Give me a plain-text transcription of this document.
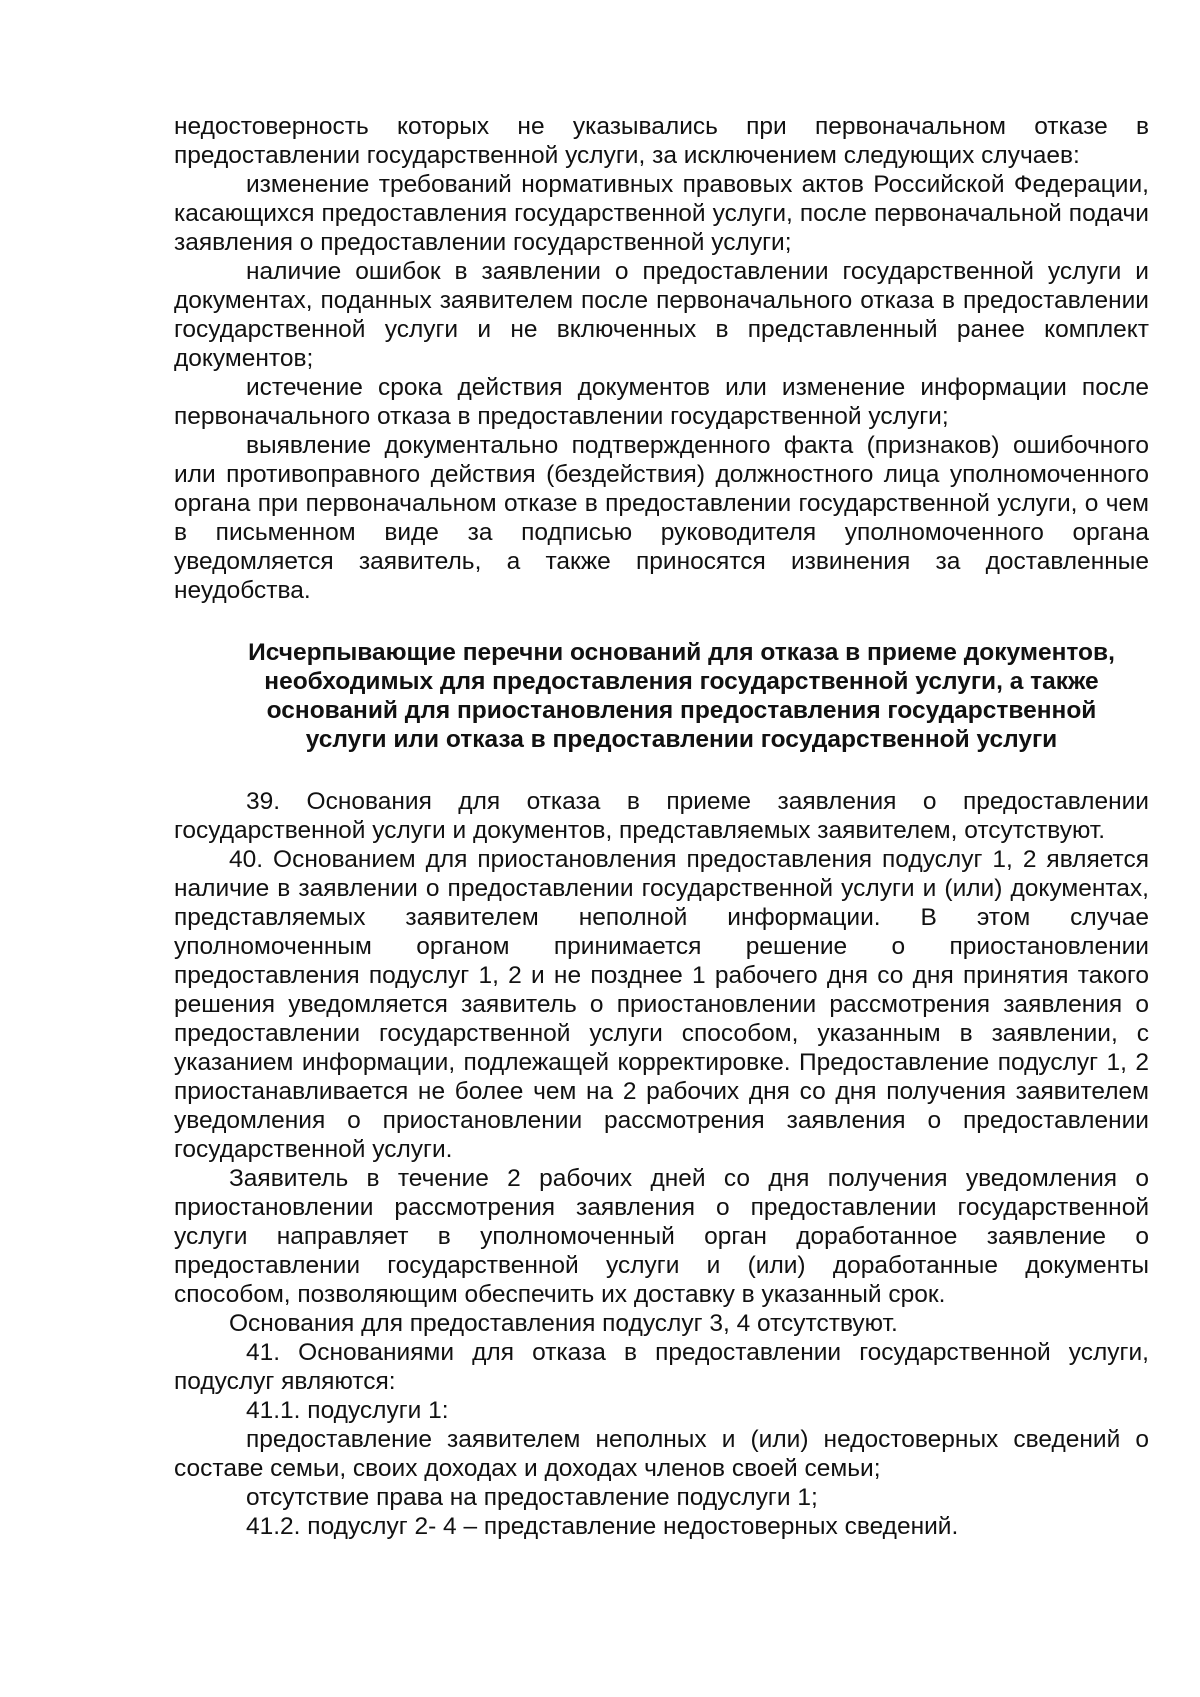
недостоверность которых не указывались при первоначальном отказе в предоставлении государственной услуги, за исключением следующих случаев:

изменение требований нормативных правовых актов Российской Федерации, касающихся предоставления государственной услуги, после первоначальной подачи заявления о предоставлении государственной услуги;

наличие ошибок в заявлении о предоставлении государственной услуги и документах, поданных заявителем после первоначального отказа в предоставлении государственной услуги и не включенных в представленный ранее комплект документов;

истечение срока действия документов или изменение информации после первоначального отказа в предоставлении государственной услуги;

выявление документально подтвержденного факта (признаков) ошибочного или противоправного действия (бездействия) должностного лица уполномоченного органа при первоначальном отказе в предоставлении государственной услуги, о чем в письменном виде за подписью руководителя уполномоченного органа уведомляется заявитель, а также приносятся извинения за доставленные неудобства.

Исчерпывающие перечни оснований для отказа в приеме документов, необходимых для предоставления государственной услуги, а также оснований для приостановления предоставления государственной услуги или отказа в предоставлении государственной услуги

39. Основания для отказа в приеме заявления о предоставлении государственной услуги и документов, представляемых заявителем, отсутствуют.

40. Основанием для приостановления предоставления подуслуг 1, 2 является наличие в заявлении о предоставлении государственной услуги и (или) документах, представляемых заявителем неполной информации. В этом случае уполномоченным органом принимается решение о приостановлении предоставления подуслуг 1, 2 и не позднее 1 рабочего дня со дня принятия такого решения уведомляется заявитель о приостановлении рассмотрения заявления о предоставлении государственной услуги способом, указанным в заявлении, с указанием информации, подлежащей корректировке. Предоставление подуслуг 1, 2 приостанавливается не более чем на 2 рабочих дня со дня получения заявителем уведомления о приостановлении рассмотрения заявления о предоставлении государственной услуги.

Заявитель в течение 2 рабочих дней со дня получения уведомления о приостановлении рассмотрения заявления о предоставлении государственной услуги направляет в уполномоченный орган доработанное заявление о предоставлении государственной услуги и (или) доработанные документы способом, позволяющим обеспечить их доставку в указанный срок.

Основания для предоставления подуслуг 3, 4 отсутствуют.

41. Основаниями для отказа в предоставлении государственной услуги, подуслуг являются:

41.1. подуслуги 1:

предоставление заявителем неполных и (или) недостоверных сведений о составе семьи, своих доходах и доходах членов своей семьи;

отсутствие права на предоставление подуслуги 1;

41.2. подуслуг 2- 4 – представление недостоверных сведений.
